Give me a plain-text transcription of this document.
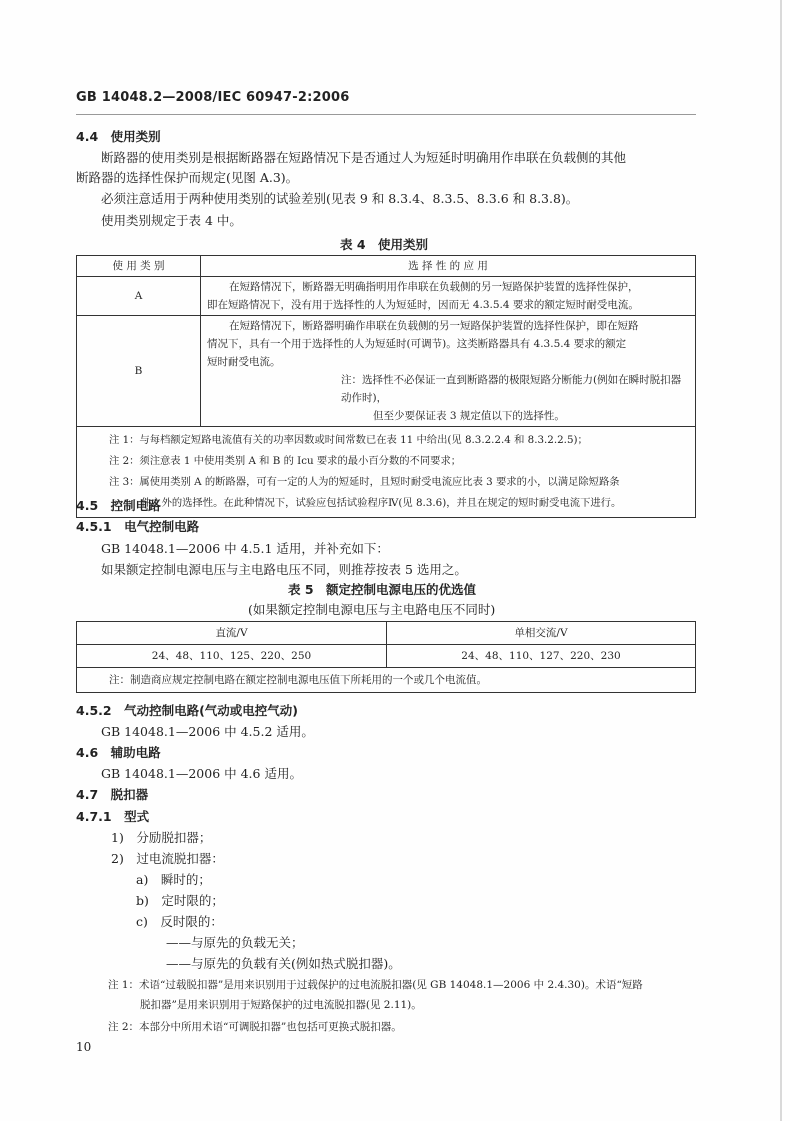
GB 14048.2—2008/IEC 60947-2:2006
4.4　使用类别
断路器的使用类别是根据断路器在短路情况下是否通过人为短延时明确用作串联在负载侧的其他
断路器的选择性保护而规定(见图 A.3)。
必须注意适用于两种使用类别的试验差别(见表 9 和 8.3.4、8.3.5、8.3.6 和 8.3.8)。
使用类别规定于表 4 中。
表 4　使用类别
使 用 类 别	选 择 性 的 应 用
A	在短路情况下，断路器无明确指明用作串联在负载侧的另一短路保护装置的选择性保护，
即在短路情况下，没有用于选择性的人为短延时，因而无 4.3.5.4 要求的额定短时耐受电流。

B	在短路情况下，断路器明确作串联在负载侧的另一短路保护装置的选择性保护，即在短路
情况下，具有一个用于选择性的人为短延时(可调节)。这类断路器具有 4.3.5.4 要求的额定
短时耐受电流。
注：选择性不必保证一直到断路器的极限短路分断能力(例如在瞬时脱扣器动作时)，
但至少要保证表 3 规定值以下的选择性。

注 1：与每档额定短路电流值有关的功率因数或时间常数已在表 11 中给出(见 8.3.2.2.4 和 8.3.2.2.5)；
注 2：须注意表 1 中使用类别 A 和 B 的 Icu 要求的最小百分数的不同要求；
注 3：属使用类别 A 的断路器，可有一定的人为的短延时，且短时耐受电流应比表 3 要求的小，以满足除短路条
件之外的选择性。在此种情况下，试验应包括试验程序Ⅳ(见 8.3.6)，并且在规定的短时耐受电流下进行。	
4.5　控制电路
4.5.1　电气控制电路
GB 14048.1—2006 中 4.5.1 适用，并补充如下：
如果额定控制电源电压与主电路电压不同，则推荐按表 5 选用之。
表 5　额定控制电源电压的优选值
(如果额定控制电源电压与主电路电压不同时)
直流/V	单相交流/V
24、48、110、125、220、250	24、48、110、127、220、230
注：制造商应规定控制电路在额定控制电源电压值下所耗用的一个或几个电流值。	
4.5.2　气动控制电路(气动或电控气动)
GB 14048.1—2006 中 4.5.2 适用。
4.6　辅助电路
GB 14048.1—2006 中 4.6 适用。
4.7　脱扣器
4.7.1　型式
1)　分励脱扣器；
2)　过电流脱扣器：
a)　瞬时的；
b)　定时限的；
c)　反时限的：
——与原先的负载无关；
——与原先的负载有关(例如热式脱扣器)。
注 1：术语“过载脱扣器”是用来识别用于过载保护的过电流脱扣器(见 GB 14048.1—2006 中 2.4.30)。术语“短路
脱扣器”是用来识别用于短路保护的过电流脱扣器(见 2.11)。
注 2：本部分中所用术语“可调脱扣器”也包括可更换式脱扣器。
10
